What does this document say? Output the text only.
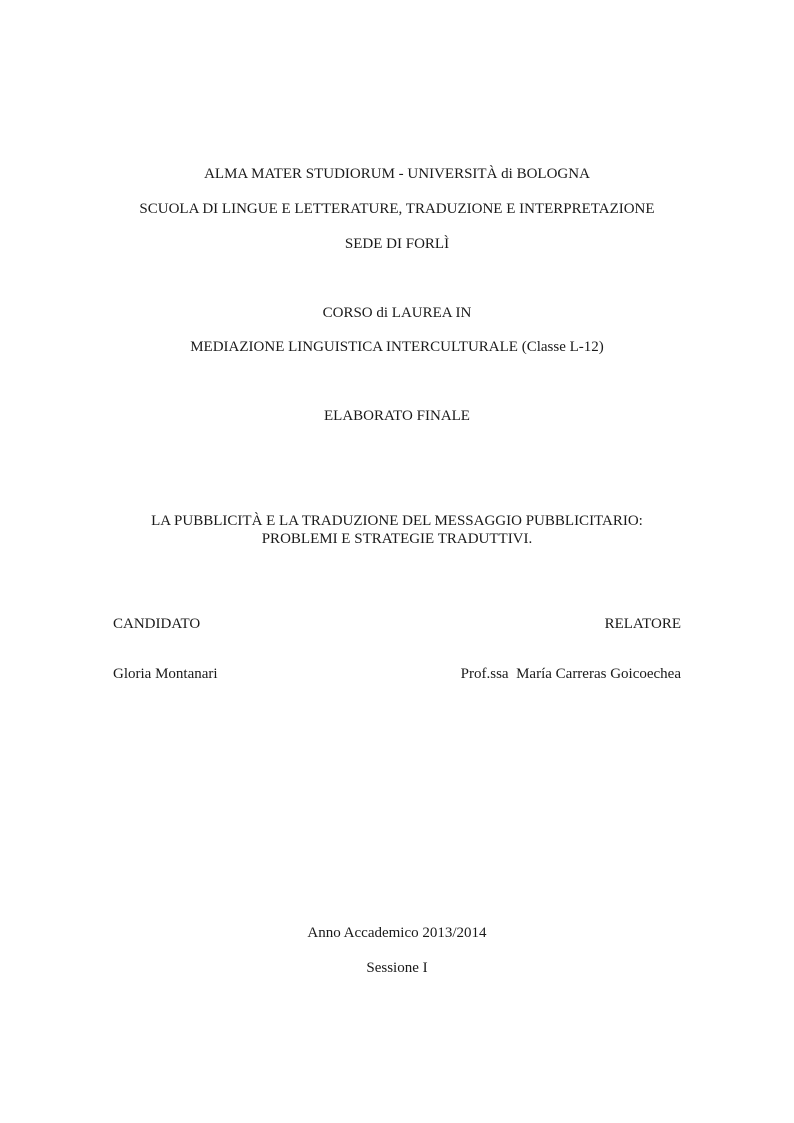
ALMA MATER STUDIORUM - UNIVERSITÀ di BOLOGNA
SCUOLA DI LINGUE E LETTERATURE, TRADUZIONE E INTERPRETAZIONE
SEDE DI FORLÌ
CORSO di LAUREA IN
MEDIAZIONE LINGUISTICA INTERCULTURALE (Classe L-12)
ELABORATO FINALE
LA PUBBLICITÀ E LA TRADUZIONE DEL MESSAGGIO PUBBLICITARIO:
PROBLEMI E STRATEGIE TRADUTTIVI.
CANDIDATO	RELATORE
Gloria Montanari	Prof.ssa  María Carreras Goicoechea
Anno Accademico 2013/2014
Sessione I
